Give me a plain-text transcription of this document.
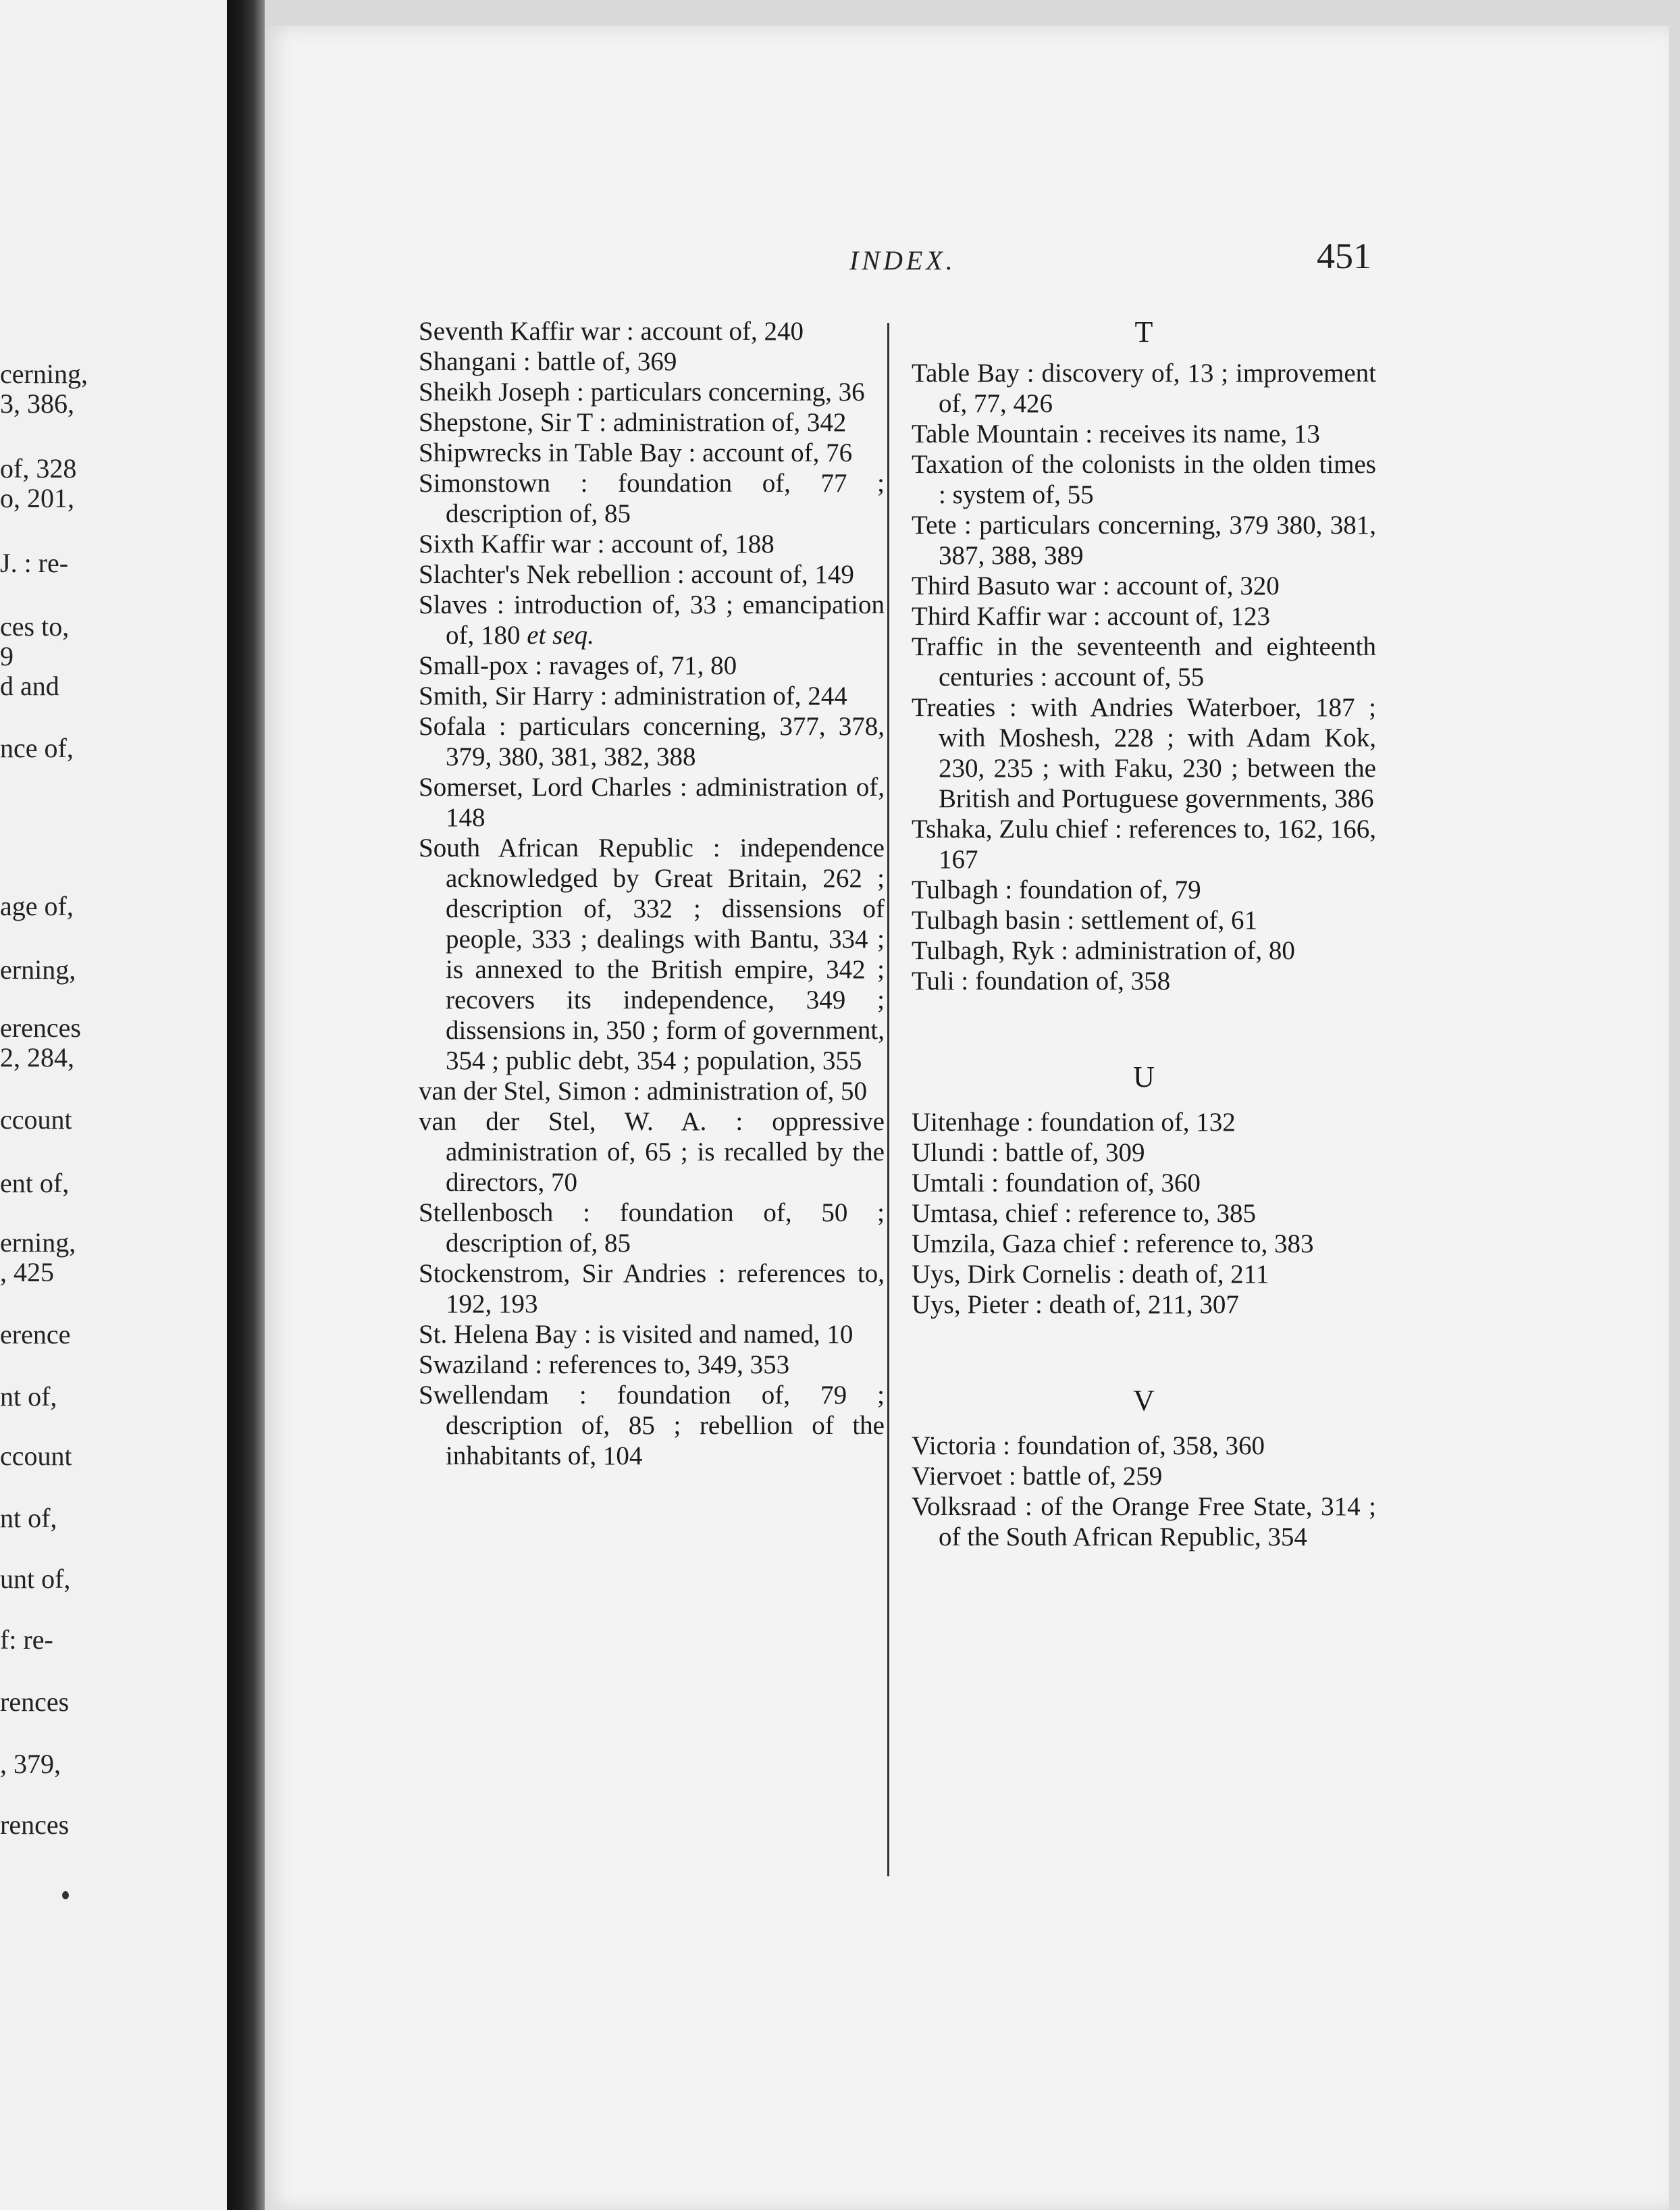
cerning,
3, 386,
of, 328
o, 201,
J. : re-
ces to,
9
d and
nce of,
age of,
erning,
erences
2, 284,
ccount
ent of,
erning,
, 425
erence
nt of,
ccount
nt of,
unt of,
f: re-
rences
, 379,
rences
INDEX.	451

Seventh Kaffir war : account of, 240

Shangani : battle of, 369

Sheikh Joseph : particulars concerning, 36

Shepstone, Sir T : administration of, 342

Shipwrecks in Table Bay : account of, 76

Simonstown : foundation of, 77 ; description of, 85

Sixth Kaffir war : account of, 188

Slachter's Nek rebellion : account of, 149

Slaves : introduction of, 33 ; emancipation of, 180 et seq.

Small-pox : ravages of, 71, 80

Smith, Sir Harry : administration of, 244

Sofala : particulars concerning, 377, 378, 379, 380, 381, 382, 388

Somerset, Lord Charles : administration of, 148

South African Republic : independence acknowledged by Great Britain, 262 ; description of, 332 ; dissensions of people, 333 ; dealings with Bantu, 334 ; is annexed to the British empire, 342 ; recovers its independence, 349 ; dissensions in, 350 ; form of government, 354 ; public debt, 354 ; population, 355

van der Stel, Simon : administration of, 50

van der Stel, W. A. : oppressive administration of, 65 ; is recalled by the directors, 70

Stellenbosch : foundation of, 50 ; description of, 85

Stockenstrom, Sir Andries : references to, 192, 193

St. Helena Bay : is visited and named, 10

Swaziland : references to, 349, 353

Swellendam : foundation of, 79 ; description of, 85 ; rebellion of the inhabitants of, 104

T

Table Bay : discovery of, 13 ; improvement of, 77, 426

Table Mountain : receives its name, 13

Taxation of the colonists in the olden times : system of, 55

Tete : particulars concerning, 379 380, 381, 387, 388, 389

Third Basuto war : account of, 320

Third Kaffir war : account of, 123

Traffic in the seventeenth and eighteenth centuries : account of, 55

Treaties : with Andries Waterboer, 187 ; with Moshesh, 228 ; with Adam Kok, 230, 235 ; with Faku, 230 ; between the British and Portuguese governments, 386

Tshaka, Zulu chief : references to, 162, 166, 167

Tulbagh : foundation of, 79

Tulbagh basin : settlement of, 61

Tulbagh, Ryk : administration of, 80

Tuli : foundation of, 358

U

Uitenhage : foundation of, 132

Ulundi : battle of, 309

Umtali : foundation of, 360

Umtasa, chief : reference to, 385

Umzila, Gaza chief : reference to, 383

Uys, Dirk Cornelis : death of, 211

Uys, Pieter : death of, 211, 307

V

Victoria : foundation of, 358, 360

Viervoet : battle of, 259

Volksraad : of the Orange Free State, 314 ; of the South African Republic, 354
